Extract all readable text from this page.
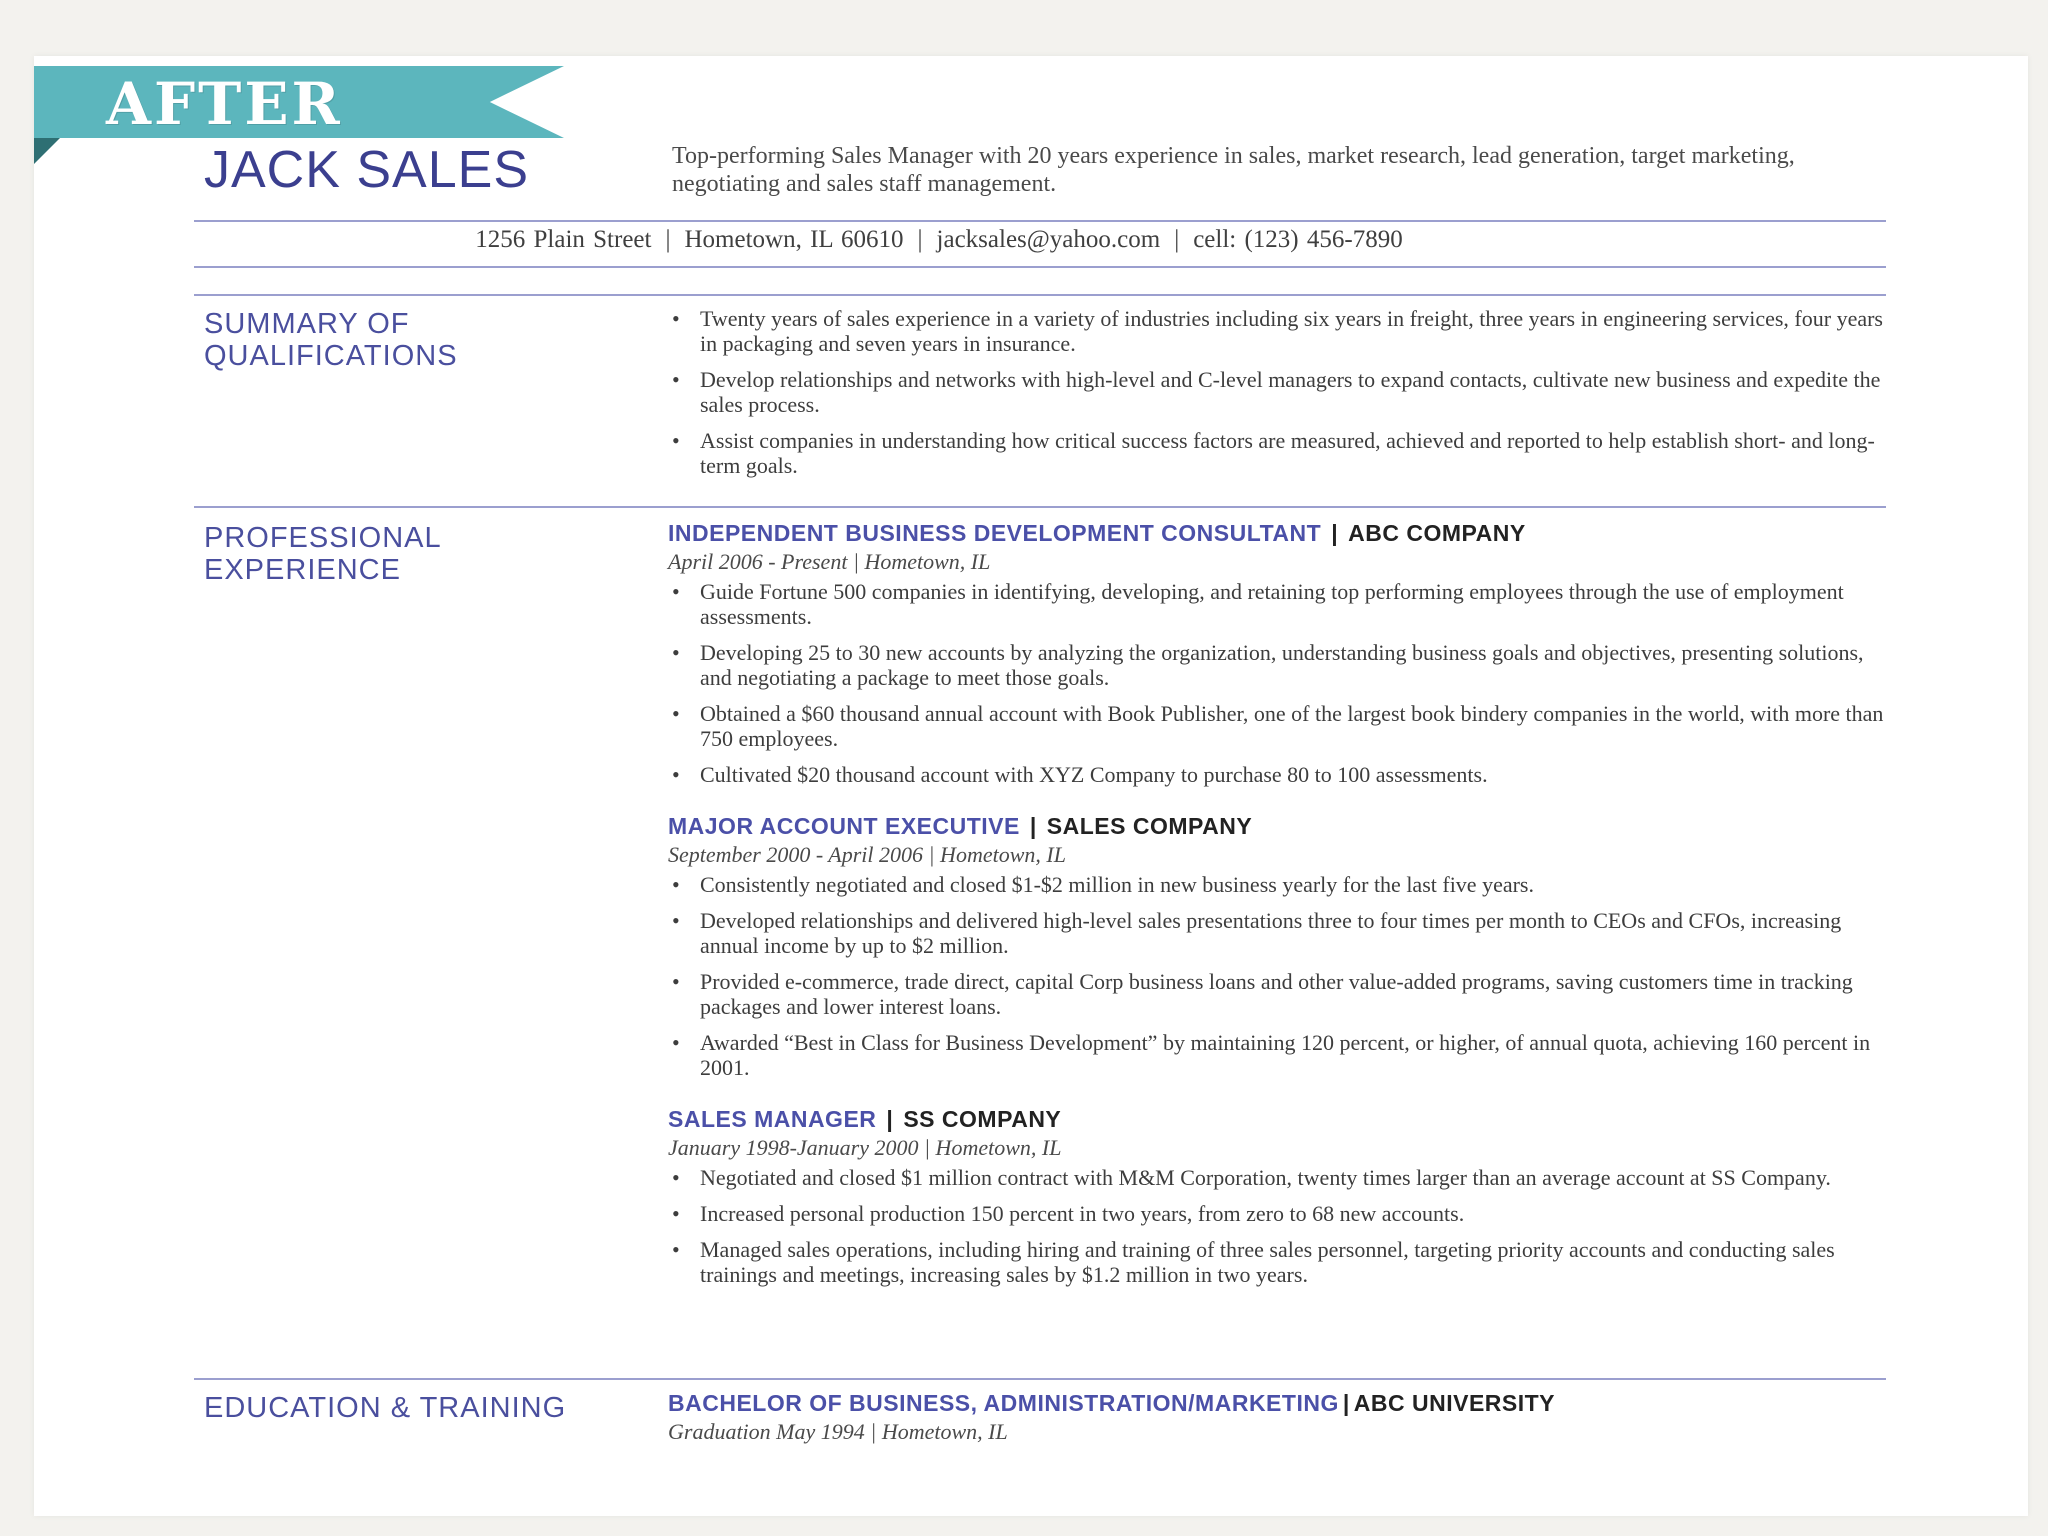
AFTER
JACK SALES	Top-performing Sales Manager with 20 years experience in sales, market research, lead generation, target marketing, negotiating and sales staff management.
1256 Plain Street | Hometown, IL 60610 | jacksales@yahoo.com | cell: (123) 456-7890
SUMMARY OF QUALIFICATIONS
• Twenty years of sales experience in a variety of industries including six years in freight, three years in engineering services, four years in packaging and seven years in insurance.
• Develop relationships and networks with high-level and C-level managers to expand contacts, cultivate new business and expedite the sales process.
• Assist companies in understanding how critical success factors are measured, achieved and reported to help establish short- and long-term goals.
PROFESSIONAL EXPERIENCE
INDEPENDENT BUSINESS DEVELOPMENT CONSULTANT | ABC COMPANY
April 2006 - Present | Hometown, IL
• Guide Fortune 500 companies in identifying, developing, and retaining top performing employees through the use of employment assessments.
• Developing 25 to 30 new accounts by analyzing the organization, understanding business goals and objectives, presenting solutions, and negotiating a package to meet those goals.
• Obtained a $60 thousand annual account with Book Publisher, one of the largest book bindery companies in the world, with more than 750 employees.
• Cultivated $20 thousand account with XYZ Company to purchase 80 to 100 assessments.
MAJOR ACCOUNT EXECUTIVE | SALES COMPANY
September 2000 - April 2006 | Hometown, IL
• Consistently negotiated and closed $1-$2 million in new business yearly for the last five years.
• Developed relationships and delivered high-level sales presentations three to four times per month to CEOs and CFOs, increasing annual income by up to $2 million.
• Provided e-commerce, trade direct, capital Corp business loans and other value-added programs, saving customers time in tracking packages and lower interest loans.
• Awarded “Best in Class for Business Development” by maintaining 120 percent, or higher, of annual quota, achieving 160 percent in 2001.
SALES MANAGER | SS COMPANY
January 1998-January 2000 | Hometown, IL
• Negotiated and closed $1 million contract with M&M Corporation, twenty times larger than an average account at SS Company.
• Increased personal production 150 percent in two years, from zero to 68 new accounts.
• Managed sales operations, including hiring and training of three sales personnel, targeting priority accounts and conducting sales trainings and meetings, increasing sales by $1.2 million in two years.
EDUCATION & TRAINING	BACHELOR OF BUSINESS, ADMINISTRATION/MARKETING | ABC UNIVERSITY
Graduation May 1994 | Hometown, IL
